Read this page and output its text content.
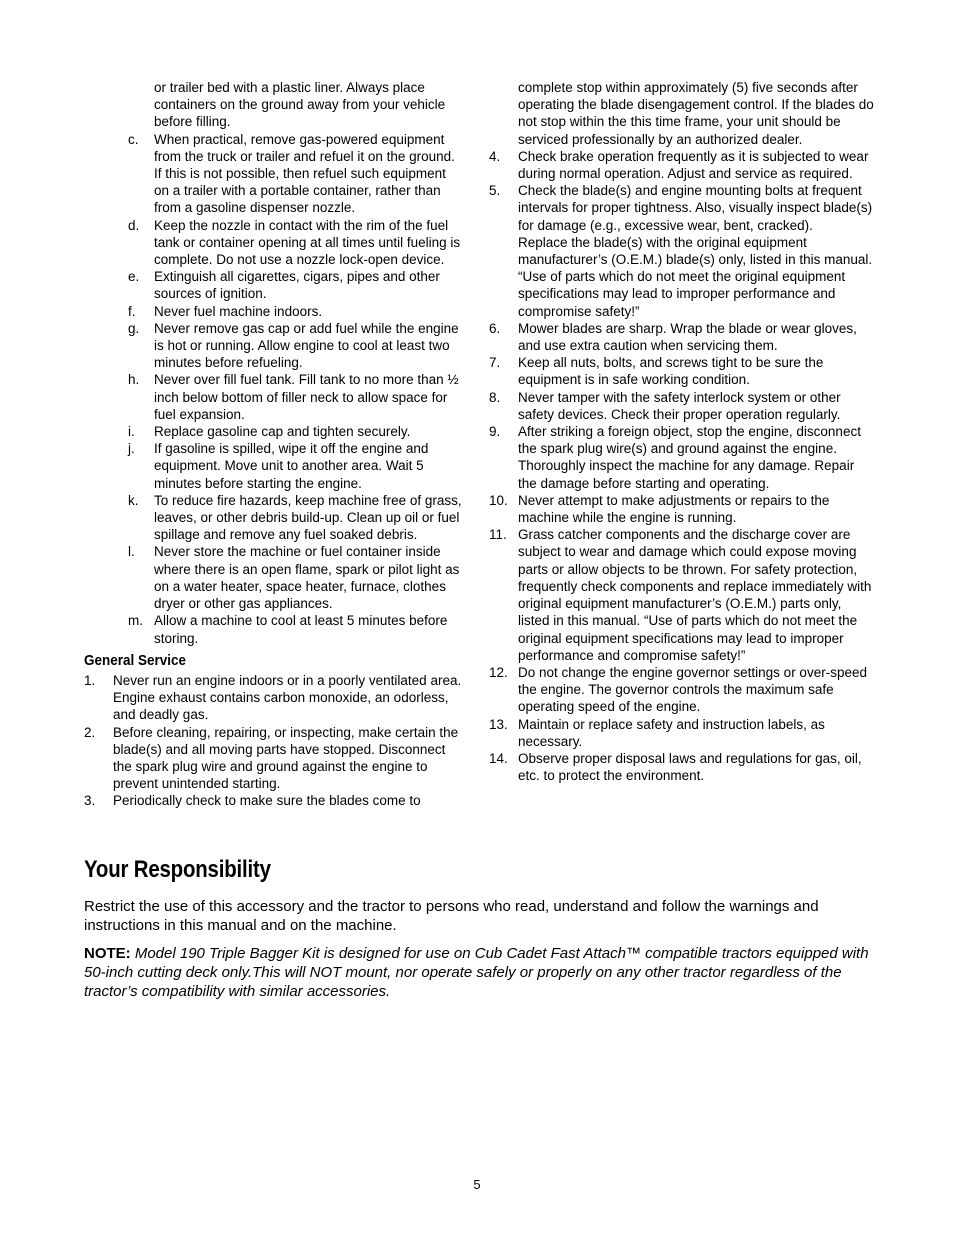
or trailer bed with a plastic liner. Always place containers on the ground away from your vehicle before filling.
c.	When practical, remove gas-powered equipment from the truck or trailer and refuel it on the ground. If this is not possible, then refuel such equipment on a trailer with a portable container, rather than from a gasoline dispenser nozzle.
d.	Keep the nozzle in contact with the rim of the fuel tank or container opening at all times until fueling is complete. Do not use a nozzle lock-open device.
e.	Extinguish all cigarettes, cigars, pipes and other sources of ignition.
f.	Never fuel machine indoors.
g.	Never remove gas cap or add fuel while the engine is hot or running. Allow engine to cool at least two minutes before refueling.
h.	Never over fill fuel tank. Fill tank to no more than ½ inch below bottom of filler neck to allow space for fuel expansion.
i.	Replace gasoline cap and tighten securely.
j.	If gasoline is spilled, wipe it off the engine and equipment. Move unit to another area. Wait 5 minutes before starting the engine.
k.	To reduce fire hazards, keep machine free of grass, leaves, or other debris build-up. Clean up oil or fuel spillage and remove any fuel soaked debris.
l.	Never store the machine or fuel container inside where there is an open flame, spark or pilot light as on a water heater, space heater, furnace, clothes dryer or other gas appliances.
m. Allow a machine to cool at least 5 minutes before storing.
General Service
1.	Never run an engine indoors or in a poorly ventilated area. Engine exhaust contains carbon monoxide, an odorless, and deadly gas.
2.	Before cleaning, repairing, or inspecting, make certain the blade(s) and all moving parts have stopped. Disconnect the spark plug wire and ground against the engine to prevent unintended starting.
3.	Periodically check to make sure the blades come to
complete stop within approximately (5) five seconds after operating the blade disengagement control. If the blades do not stop within the this time frame, your unit should be serviced professionally by an authorized dealer.
4.	Check brake operation frequently as it is subjected to wear during normal operation. Adjust and service as required.
5.	Check the blade(s) and engine mounting bolts at frequent intervals for proper tightness. Also, visually inspect blade(s) for damage (e.g., excessive wear, bent, cracked).
Replace the blade(s) with the original equipment manufacturer’s (O.E.M.) blade(s) only, listed in this manual. “Use of parts which do not meet the original equipment specifications may lead to improper performance and compromise safety!”
6.	Mower blades are sharp. Wrap the blade or wear gloves, and use extra caution when servicing them.
7.	Keep all nuts, bolts, and screws tight to be sure the equipment is in safe working condition.
8.	Never tamper with the safety interlock system or other safety devices. Check their proper operation regularly.
9.	After striking a foreign object, stop the engine, disconnect the spark plug wire(s) and ground against the engine. Thoroughly inspect the machine for any damage. Repair the damage before starting and operating.
10. Never attempt to make adjustments or repairs to the machine while the engine is running.
11. Grass catcher components and the discharge cover are subject to wear and damage which could expose moving parts or allow objects to be thrown. For safety protection, frequently check components and replace immediately with original equipment manufacturer’s (O.E.M.) parts only, listed in this manual. “Use of parts which do not meet the original equipment specifications may lead to improper performance and compromise safety!”
12. Do not change the engine governor settings or over-speed the engine. The governor controls the maximum safe operating speed of the engine.
13. Maintain or replace safety and instruction labels, as necessary.
14. Observe proper disposal laws and regulations for gas, oil, etc. to protect the environment.
Your Responsibility
Restrict the use of this accessory and the tractor to persons who read, understand and follow the warnings and instructions in this manual and on the machine.
NOTE: Model 190 Triple Bagger Kit is designed for use on Cub Cadet Fast Attach™ compatible tractors equipped with 50-inch cutting deck only.This will NOT mount, nor operate safely or properly on any other tractor regardless of the tractor’s compatibility with similar accessories.
5
